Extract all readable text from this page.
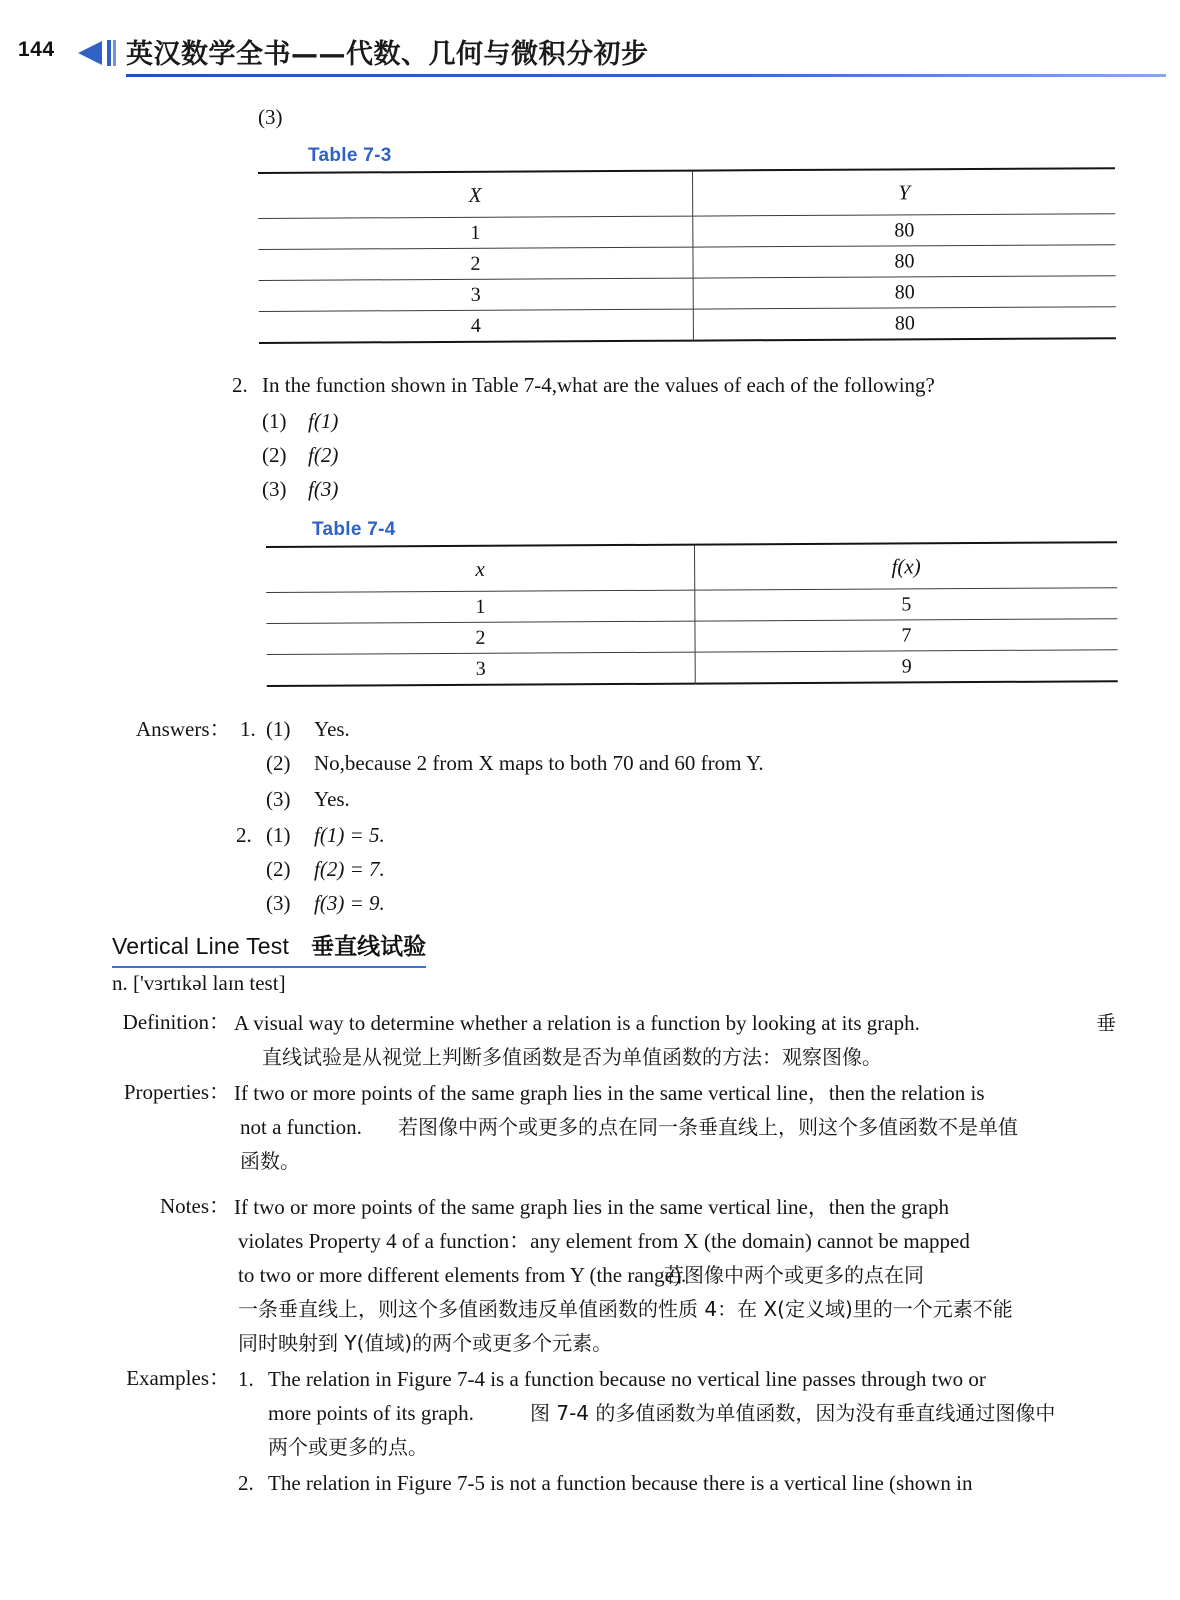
144	英汉数学全书——代数、几何与微积分初步
(3)
Table 7-3
X	Y
1	80
2	80
3	80
4	80
2. In the function shown in Table 7-4,what are the values of each of the following?
(1) f(1)
(2) f(2)
(3) f(3)
Table 7-4
x	f(x)
1	5
2	7
3	9
Answers： 1. (1) Yes.
(2) No,because 2 from X maps to both 70 and 60 from Y.
(3) Yes.
2. (1) f(1) = 5.
(2) f(2) = 7.
(3) f(3) = 9.
Vertical Line Test 垂直线试验
n. ['vɜrtɪkəl laɪn test]
Definition： A visual way to determine whether a relation is a function by looking at its graph.	垂
直线试验是从视觉上判断多值函数是否为单值函数的方法：观察图像。
Properties： If two or more points of the same graph lies in the same vertical line，then the relation is
not a function. 若图像中两个或更多的点在同一条垂直线上，则这个多值函数不是单值
函数。
Notes： If two or more points of the same graph lies in the same vertical line，then the graph
violates Property 4 of a function：any element from X (the domain) cannot be mapped
to two or more different elements from Y (the range).
若图像中两个或更多的点在同
一条垂直线上，则这个多值函数违反单值函数的性质 4：在 X(定义域)里的一个元素不能
同时映射到 Y(值域)的两个或更多个元素。
Examples： 1. The relation in Figure 7-4 is a function because no vertical line passes through two or
more points of its graph.	图 7-4 的多值函数为单值函数，因为没有垂直线通过图像中
两个或更多的点。
2. The relation in Figure 7-5 is not a function because there is a vertical line (shown in
